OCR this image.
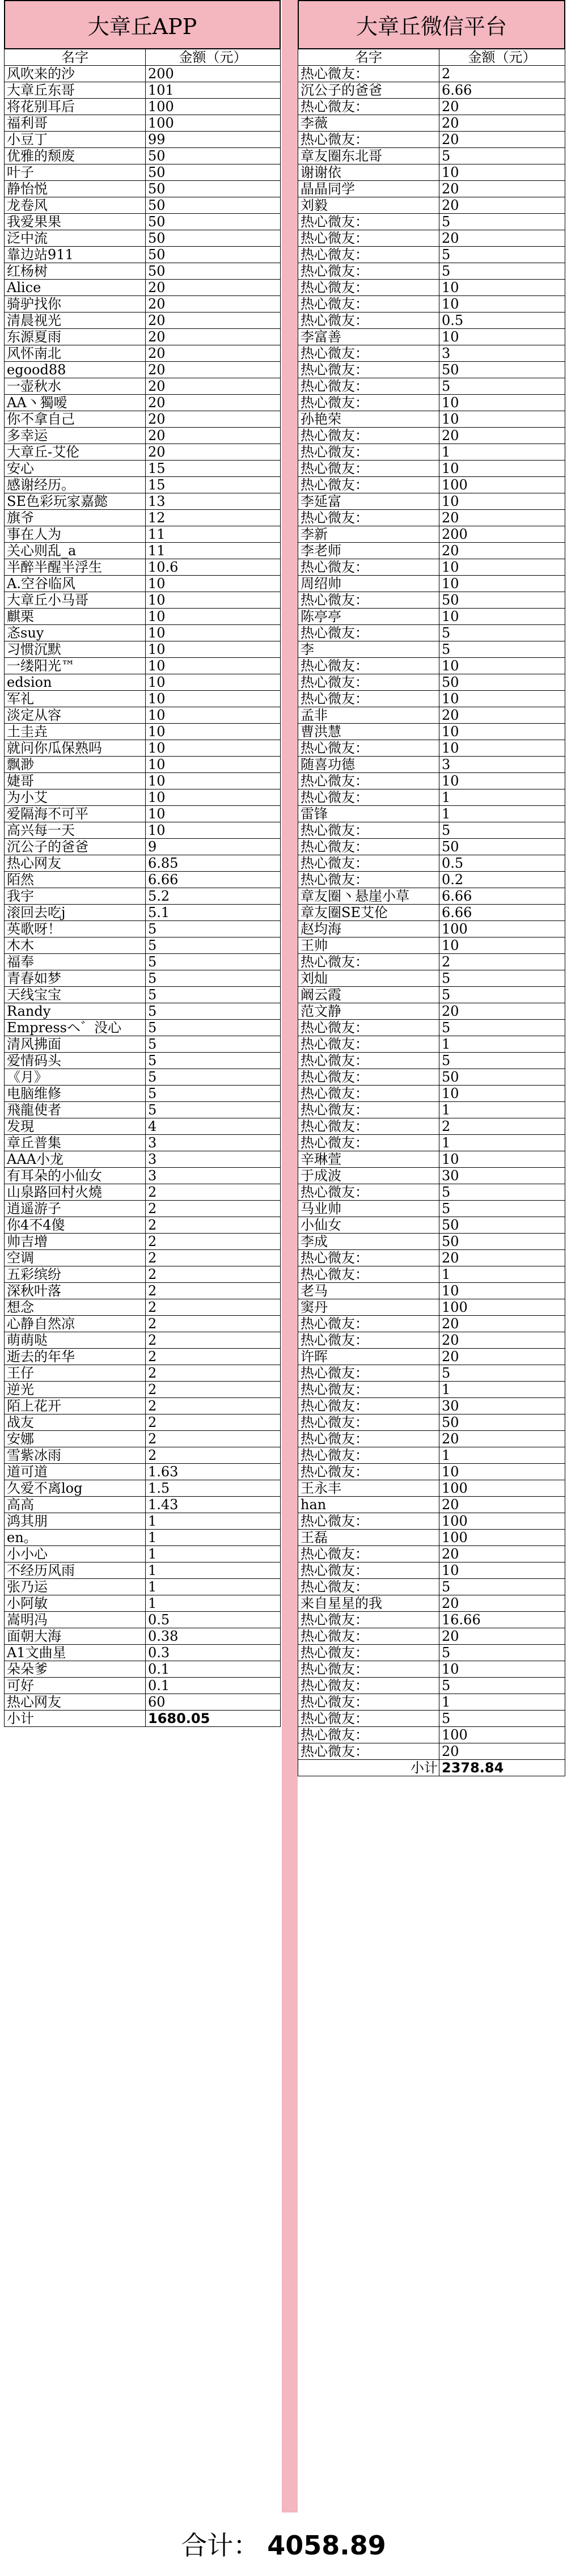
大章丘APP	大章丘微信平台
名字	金额（元）
风吹来的沙	200
大章丘东哥	101
将花别耳后	100
福利哥	100
小豆丁	99
优雅的颓废	50
叶子	50
静怡悦	50
龙卷风	50
我爱果果	50
泛中流	50
靠边站911	50
红杨树	50
Alice	20
骑驴找你	20
清晨视光	20
东源夏雨	20
风怀南北	20
egood88	20
一壶秋水	20
AA丶獨嗳	20
你不拿自己	20
多幸运	20
大章丘-艾伦	20
安心	15
感谢经历。	15
SE色彩玩家嘉懿	13
旗爷	12
事在人为	11
关心则乱_a	11
半醉半醒半浮生	10.6
A.空谷临风	10
大章丘小马哥	10
麒栗	10
忞suy	10
习惯沉默	10
一缕阳光™	10
edsion	10
军礼	10
淡定从容	10
土圭垚	10
就问你瓜保熟吗	10
飘渺	10
婕哥	10
为小艾	10
爱隔海不可平	10
高兴每一天	10
沉公子的爸爸	9
热心网友	6.85
陌然	6.66
我宇	5.2
滚回去吃j	5.1
英歌呀！	5
木木	5
福奉	5
青春如梦	5
天线宝宝	5
Randy	5
Empressヘ゛没心	5
清风拂面	5
爱情码头	5
《月》	5
电脑维修	5
飛龍使者	5
发現	4
章丘普集	3
AAA小龙	3
有耳朵的小仙女	3
山泉路回村火燒	2
逍遥游子	2
你4不4傻	2
帅吉增	2
空调	2
五彩缤纷	2
深秋叶落	2
想念	2
心静自然凉	2
萌萌哒	2
逝去的年华	2
王仔	2
逆光	2
陌上花开	2
战友	2
安娜	2
雪紫冰雨	2
道可道	1.63
久爱不离log	1.5
高高	1.43
鸿其朋	1
en。	1
小小心	1
不经历风雨	1
张乃运	1
小阿敏	1
嵩明冯	0.5
面朝大海	0.38
A1文曲星	0.3
朵朵爹	0.1
可好	0.1
热心网友	60
小计	1680.05
名字	金额（元）
热心微友：	2
沉公子的爸爸	6.66
热心微友：	20
李薇	20
热心微友：	20
章友圈东北哥	5
谢谢依	10
晶晶同学	20
刘毅	20
热心微友：	5
热心微友：	20
热心微友：	5
热心微友：	5
热心微友：	10
热心微友：	10
热心微友：	0.5
李富善	10
热心微友：	3
热心微友：	50
热心微友：	5
热心微友：	10
孙艳荣	10
热心微友：	20
热心微友：	1
热心微友：	10
热心微友：	100
李延富	10
热心微友：	20
李新	200
李老师	20
热心微友：	10
周绍帅	10
热心微友：	50
陈亭亭	10
热心微友：	5
李	5
热心微友：	10
热心微友：	50
热心微友：	10
孟非	20
曹洪慧	10
热心微友：	10
随喜功德	3
热心微友：	10
热心微友：	1
雷锋	1
热心微友：	5
热心微友：	50
热心微友：	0.5
热心微友：	0.2
章友圈丶悬崖小草	6.66
章友圈SE艾伦	6.66
赵均海	100
王帅	10
热心微友：	2
刘灿	5
阚云霞	5
范文静	20
热心微友：	5
热心微友：	1
热心微友：	5
热心微友：	50
热心微友：	10
热心微友：	1
热心微友：	2
热心微友：	1
辛琳萱	10
于成波	30
热心微友：	5
马业帅	5
小仙女	50
李成	50
热心微友：	20
热心微友：	1
老马	10
窦丹	100
热心微友：	20
热心微友：	20
许晖	20
热心微友：	5
热心微友：	1
热心微友：	30
热心微友：	50
热心微友：	20
热心微友：	1
热心微友：	10
王永丰	100
han	20
热心微友：	100
王磊	100
热心微友：	20
热心微友：	10
热心微友：	5
来自星星的我	20
热心微友：	16.66
热心微友：	20
热心微友：	5
热心微友：	10
热心微友：	5
热心微友：	1
热心微友：	5
热心微友：	100
热心微友：	20
小计 2378.84
合计： 4058.89
